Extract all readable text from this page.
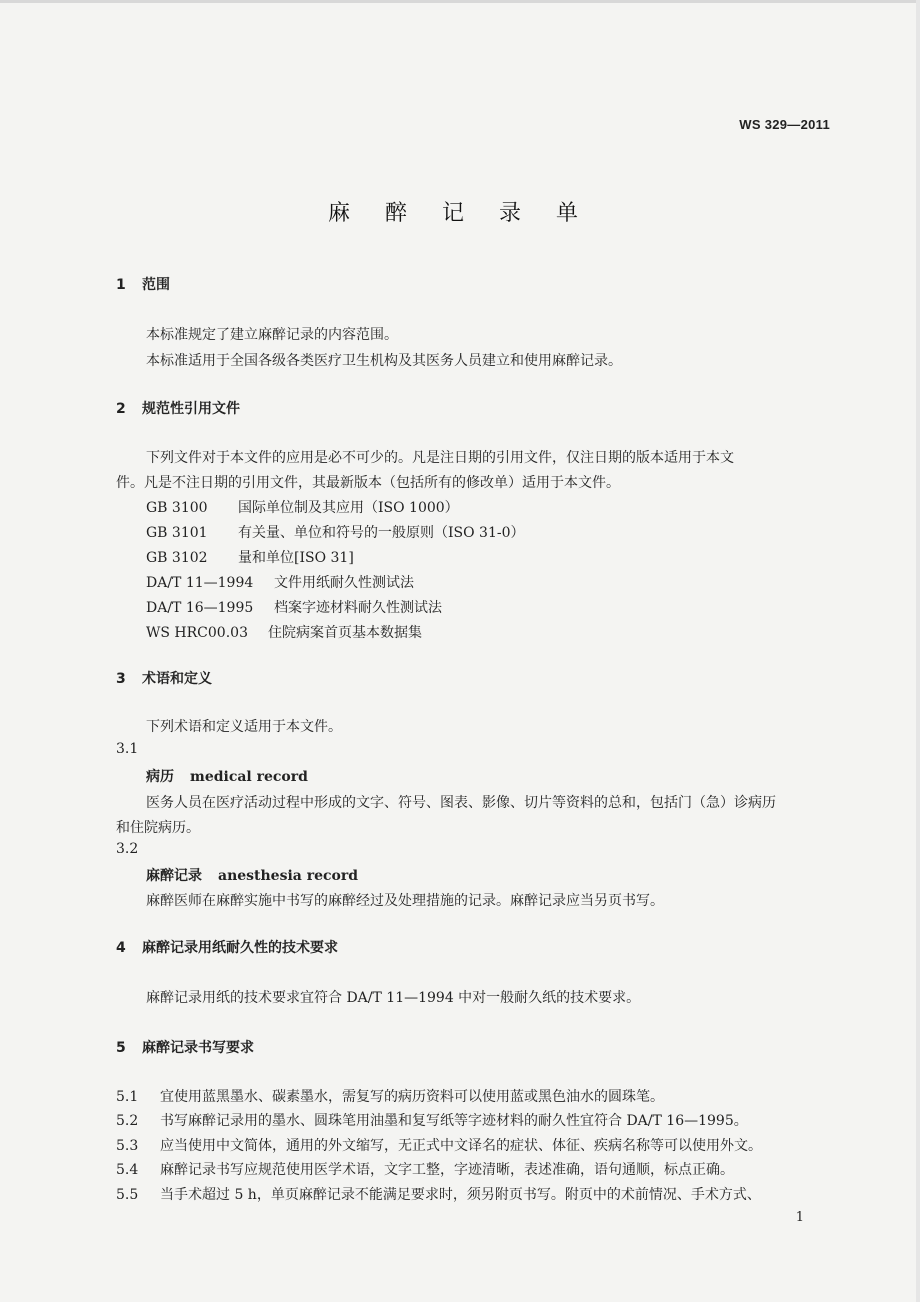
WS 329—2011
麻 醉 记 录 单
1 范围
本标准规定了建立麻醉记录的内容范围。
本标准适用于全国各级各类医疗卫生机构及其医务人员建立和使用麻醉记录。
2 规范性引用文件
下列文件对于本文件的应用是必不可少的。凡是注日期的引用文件，仅注日期的版本适用于本文
件。凡是不注日期的引用文件，其最新版本（包括所有的修改单）适用于本文件。
GB 3100 国际单位制及其应用（ISO 1000）
GB 3101 有关量、单位和符号的一般原则（ISO 31-0）
GB 3102 量和单位[ISO 31]
DA/T 11—1994 文件用纸耐久性测试法
DA/T 16—1995 档案字迹材料耐久性测试法
WS HRC00.03 住院病案首页基本数据集
3 术语和定义
下列术语和定义适用于本文件。
3.1
病历 medical record
医务人员在医疗活动过程中形成的文字、符号、图表、影像、切片等资料的总和，包括门（急）诊病历
和住院病历。
3.2
麻醉记录 anesthesia record
麻醉医师在麻醉实施中书写的麻醉经过及处理措施的记录。麻醉记录应当另页书写。
4 麻醉记录用纸耐久性的技术要求
麻醉记录用纸的技术要求宜符合 DA/T 11—1994 中对一般耐久纸的技术要求。
5 麻醉记录书写要求
5.1 宜使用蓝黑墨水、碳素墨水，需复写的病历资料可以使用蓝或黑色油水的圆珠笔。
5.2 书写麻醉记录用的墨水、圆珠笔用油墨和复写纸等字迹材料的耐久性宜符合 DA/T 16—1995。
5.3 应当使用中文简体，通用的外文缩写，无正式中文译名的症状、体征、疾病名称等可以使用外文。
5.4 麻醉记录书写应规范使用医学术语，文字工整，字迹清晰，表述准确，语句通顺，标点正确。
5.5 当手术超过 5 h，单页麻醉记录不能满足要求时，须另附页书写。附页中的术前情况、手术方式、
1
